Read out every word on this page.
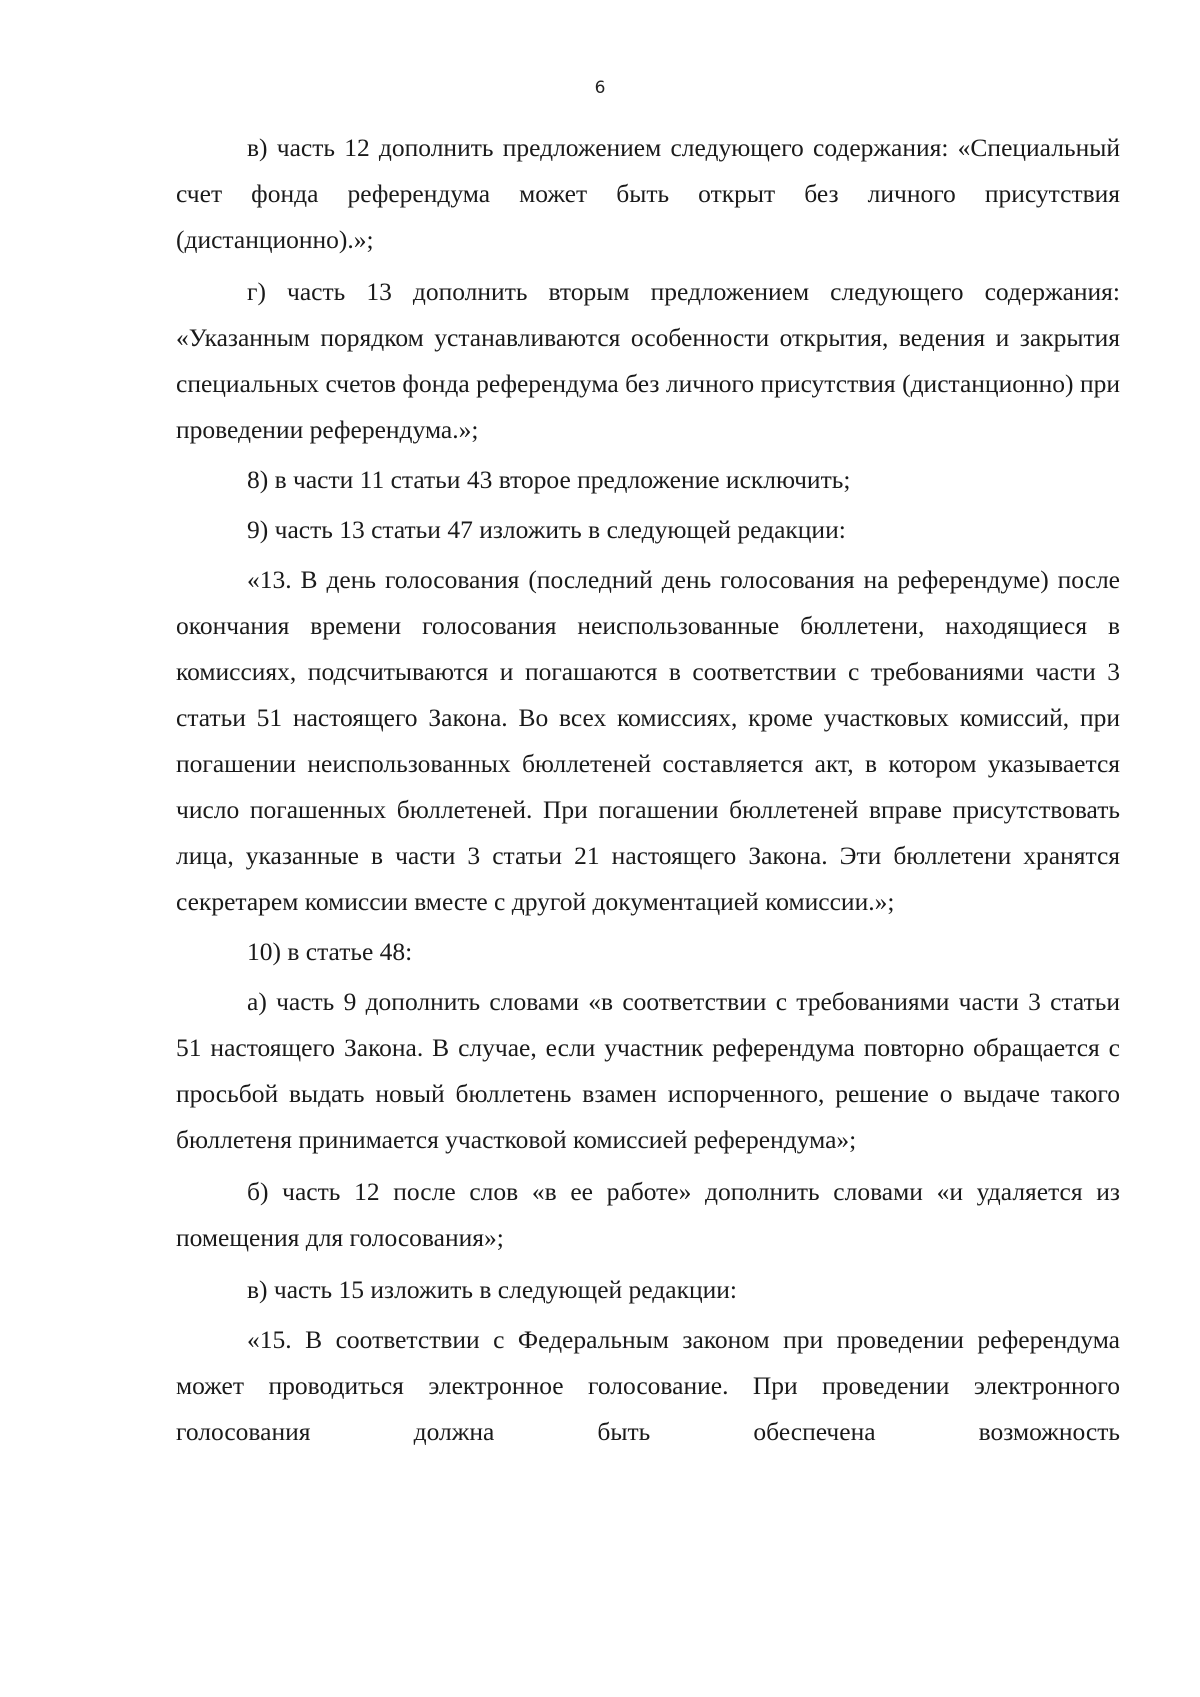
6

в) часть 12 дополнить предложением следующего содержания: «Специальный счет фонда референдума может быть открыт без личного присутствия (дистанционно).»;

г) часть 13 дополнить вторым предложением следующего содержания: «Указанным порядком устанавливаются особенности открытия, ведения и закрытия специальных счетов фонда референдума без личного присутствия (дистанционно) при проведении референдума.»;

8) в части 11 статьи 43 второе предложение исключить;

9) часть 13 статьи 47 изложить в следующей редакции:

«13. В день голосования (последний день голосования на референдуме) после окончания времени голосования неиспользованные бюллетени, находящиеся в комиссиях, подсчитываются и погашаются в соответствии с требованиями части 3 статьи 51 настоящего Закона. Во всех комиссиях, кроме участковых комиссий, при погашении неиспользованных бюллетеней составляется акт, в котором указывается число погашенных бюллетеней. При погашении бюллетеней вправе присутствовать лица, указанные в части 3 статьи 21 настоящего Закона. Эти бюллетени хранятся секретарем комиссии вместе с другой документацией комиссии.»;

10) в статье 48:

а) часть 9 дополнить словами «в соответствии с требованиями части 3 статьи 51 настоящего Закона. В случае, если участник референдума повторно обращается с просьбой выдать новый бюллетень взамен испорченного, решение о выдаче такого бюллетеня принимается участковой комиссией референдума»;

б) часть 12 после слов «в ее работе» дополнить словами «и удаляется из помещения для голосования»;

в) часть 15 изложить в следующей редакции:

«15. В соответствии с Федеральным законом при проведении референдума может проводиться электронное голосование. При проведении электронного голосования должна быть обеспечена возможность
